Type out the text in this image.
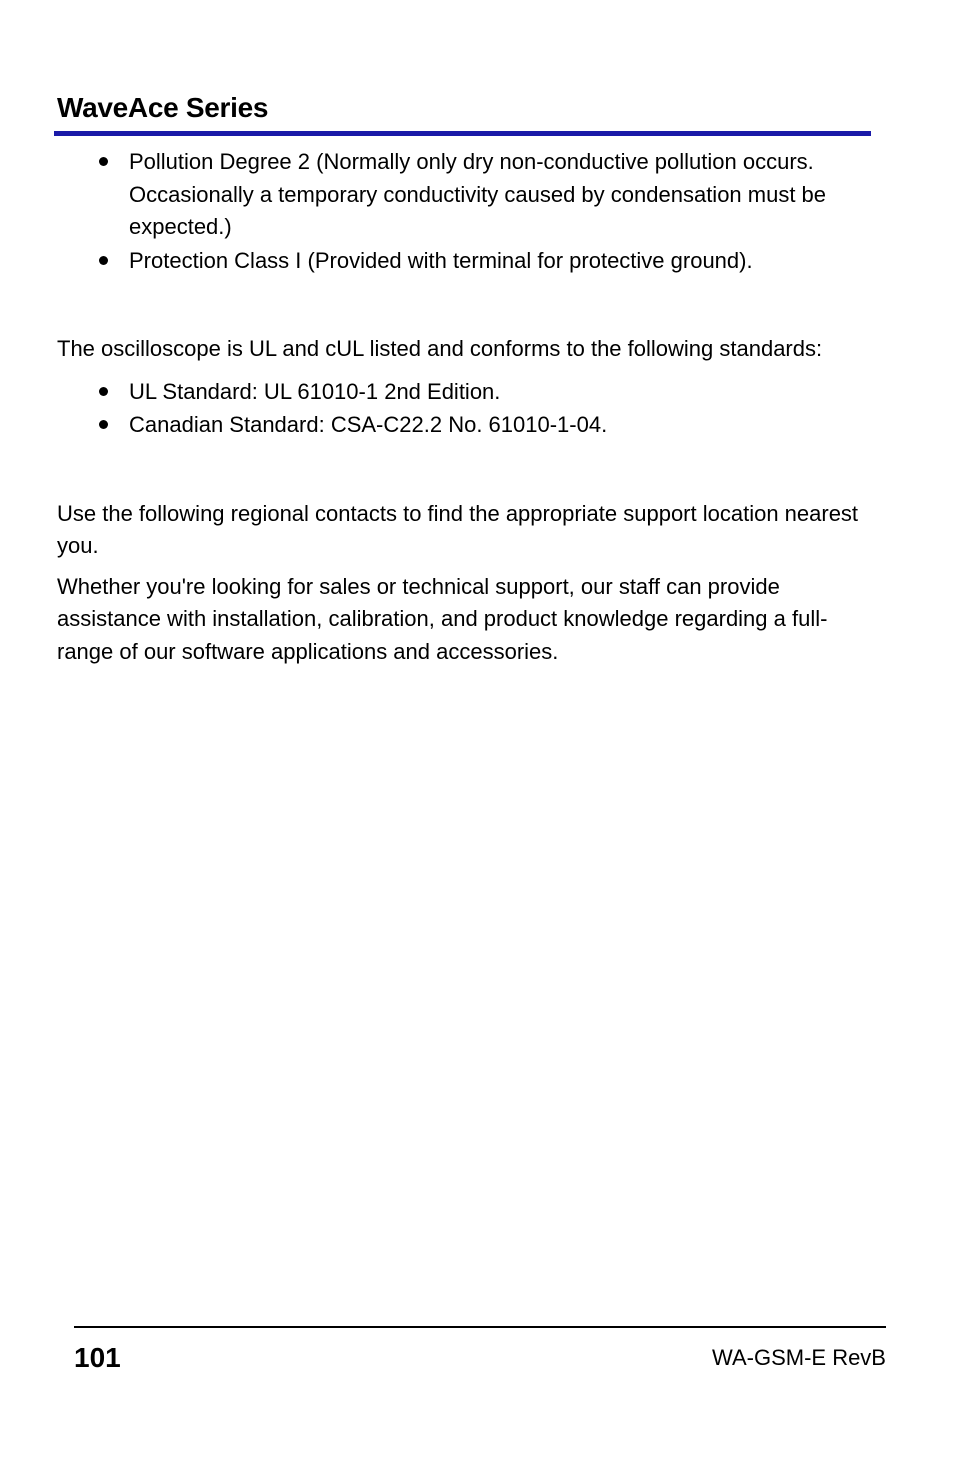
WaveAce Series
Pollution Degree 2 (Normally only dry non-conductive pollution occurs. Occasionally a temporary conductivity caused by condensation must be expected.)
Protection Class I (Provided with terminal for protective ground).

The oscilloscope is UL and cUL listed and conforms to the following standards:

UL Standard: UL 61010-1 2nd Edition.
Canadian Standard: CSA-C22.2 No. 61010-1-04.

Use the following regional contacts to find the appropriate support location nearest you.

Whether you're looking for sales or technical support, our staff can provide assistance with installation, calibration, and product knowledge regarding a full-range of our software applications and accessories.

101	WA-GSM-E RevB
